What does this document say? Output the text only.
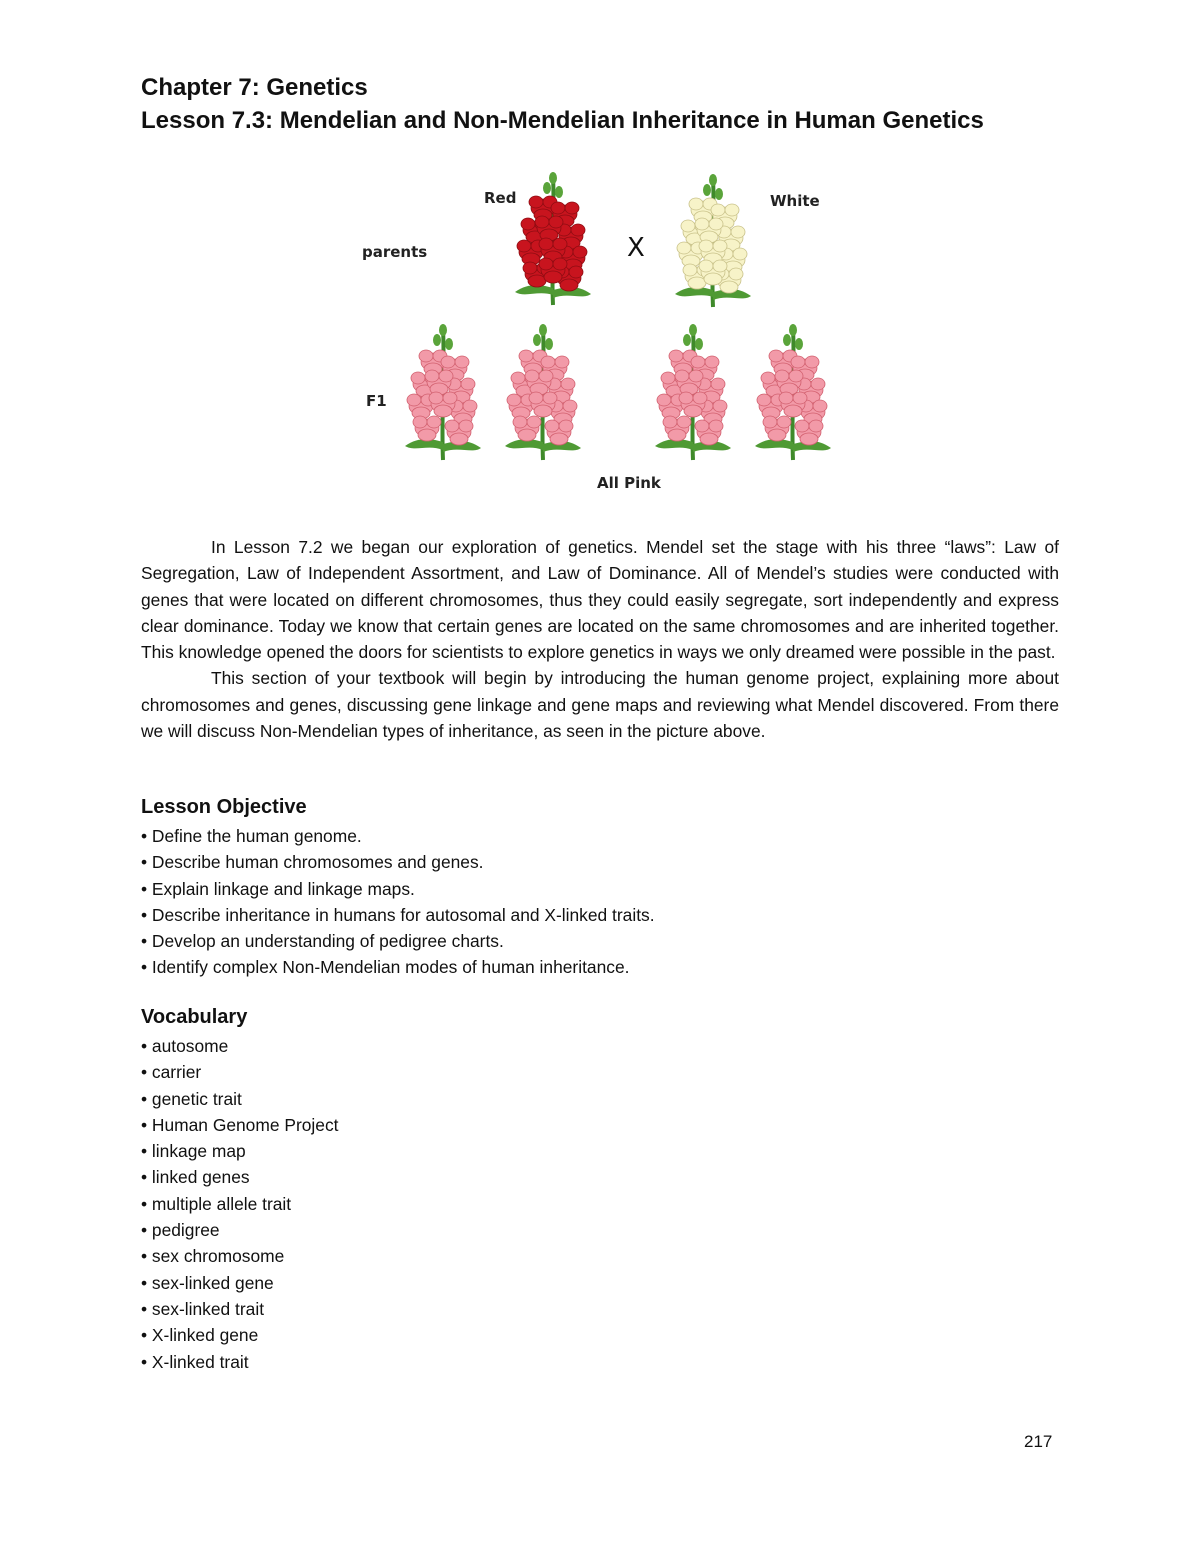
Chapter 7: Genetics
Lesson 7.3: Mendelian and Non-Mendelian Inheritance in Human Genetics
Red	White
parents	X
F1
All Pink

In Lesson 7.2 we began our exploration of genetics. Mendel set the stage with his three “laws”: Law of Segregation, Law of Independent Assortment, and Law of Dominance. All of Mendel’s studies were conducted with genes that were located on different chromosomes, thus they could easily segregate, sort independently and express clear dominance. Today we know that certain genes are located on the same chromosomes and are inherited together. This knowledge opened the doors for scientists to explore genetics in ways we only dreamed were possible in the past.

This section of your textbook will begin by introducing the human genome project, explaining more about chromosomes and genes, discussing gene linkage and gene maps and reviewing what Mendel discovered. From there we will discuss Non-Mendelian types of inheritance, as seen in the picture above.

Lesson Objective
• Define the human genome.
• Describe human chromosomes and genes.
• Explain linkage and linkage maps.
• Describe inheritance in humans for autosomal and X-linked traits.
• Develop an understanding of pedigree charts.
• Identify complex Non-Mendelian modes of human inheritance.
Vocabulary
• autosome
• carrier
• genetic trait
• Human Genome Project
• linkage map
• linked genes
• multiple allele trait
• pedigree
• sex chromosome
• sex-linked gene
• sex-linked trait
• X-linked gene
• X-linked trait

217
